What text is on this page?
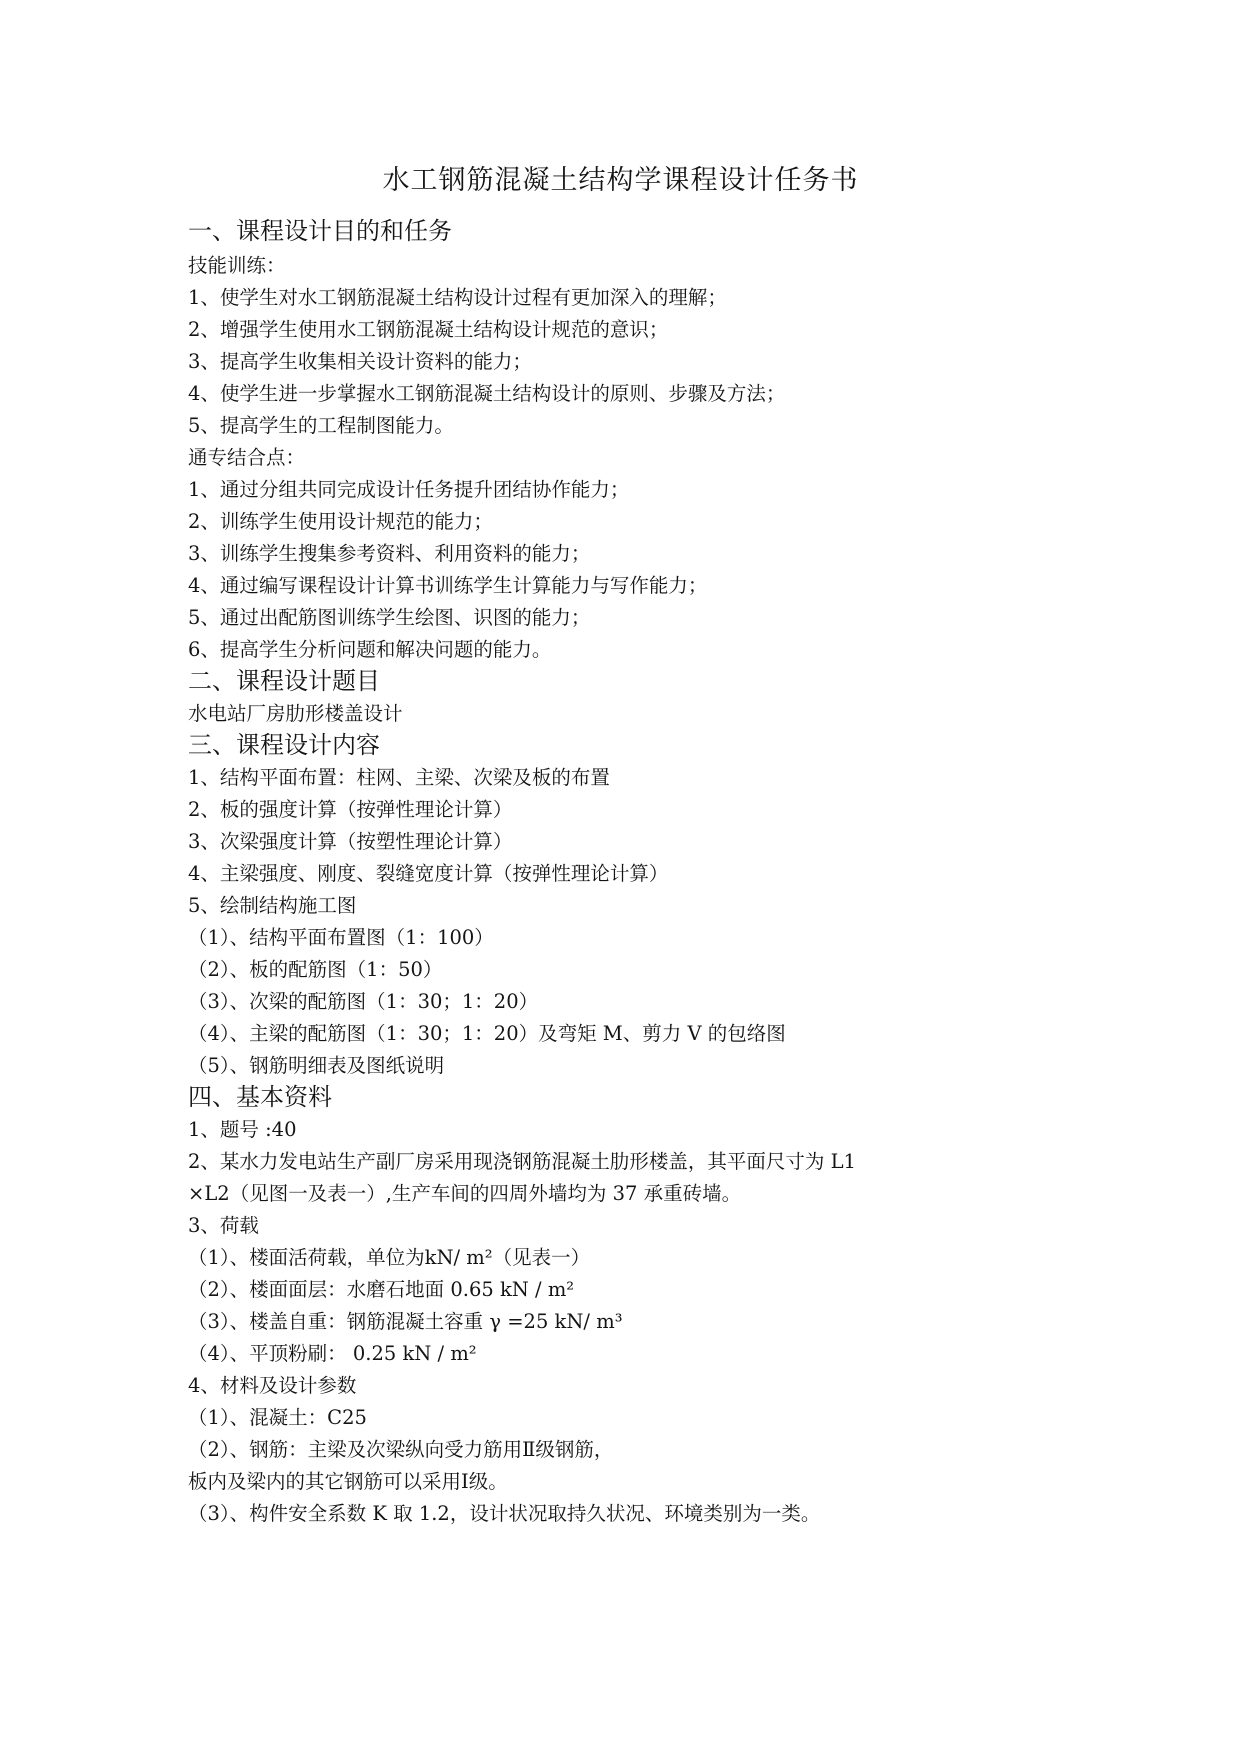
水工钢筋混凝土结构学课程设计任务书
一、课程设计目的和任务
技能训练：
1、使学生对水工钢筋混凝土结构设计过程有更加深入的理解；
2、增强学生使用水工钢筋混凝土结构设计规范的意识；
3、提高学生收集相关设计资料的能力；
4、使学生进一步掌握水工钢筋混凝土结构设计的原则、步骤及方法；
5、提高学生的工程制图能力。
通专结合点：
1、通过分组共同完成设计任务提升团结协作能力；
2、训练学生使用设计规范的能力；
3、训练学生搜集参考资料、利用资料的能力；
4、通过编写课程设计计算书训练学生计算能力与写作能力；
5、通过出配筋图训练学生绘图、识图的能力；
6、提高学生分析问题和解决问题的能力。
二、课程设计题目
水电站厂房肋形楼盖设计
三、课程设计内容
1、结构平面布置：柱网、主梁、次梁及板的布置
2、板的强度计算（按弹性理论计算）
3、次梁强度计算（按塑性理论计算）
4、主梁强度、刚度、裂缝宽度计算（按弹性理论计算）
5、绘制结构施工图
（1）、结构平面布置图（1：100）
（2）、板的配筋图（1：50）
（3）、次梁的配筋图（1：30；1：20）
（4）、主梁的配筋图（1：30；1：20）及弯矩 M、剪力 V 的包络图
（5）、钢筋明细表及图纸说明
四、基本资料
1、题号 :40
2、某水力发电站生产副厂房采用现浇钢筋混凝土肋形楼盖，其平面尺寸为 L1
×L2（见图一及表一）,生产车间的四周外墙均为 37 承重砖墙。
3、荷载
（1）、楼面活荷载，单位为kN/ m²（见表一）
（2）、楼面面层：水磨石地面 0.65 kN / m²
（3）、楼盖自重：钢筋混凝土容重 γ =25 kN/ m³
（4）、平顶粉刷： 0.25 kN / m²
4、材料及设计参数
（1）、混凝土：C25
（2）、钢筋：主梁及次梁纵向受力筋用Ⅱ级钢筋，
板内及梁内的其它钢筋可以采用Ⅰ级。
（3）、构件安全系数 K 取 1.2，设计状况取持久状况、环境类别为一类。
